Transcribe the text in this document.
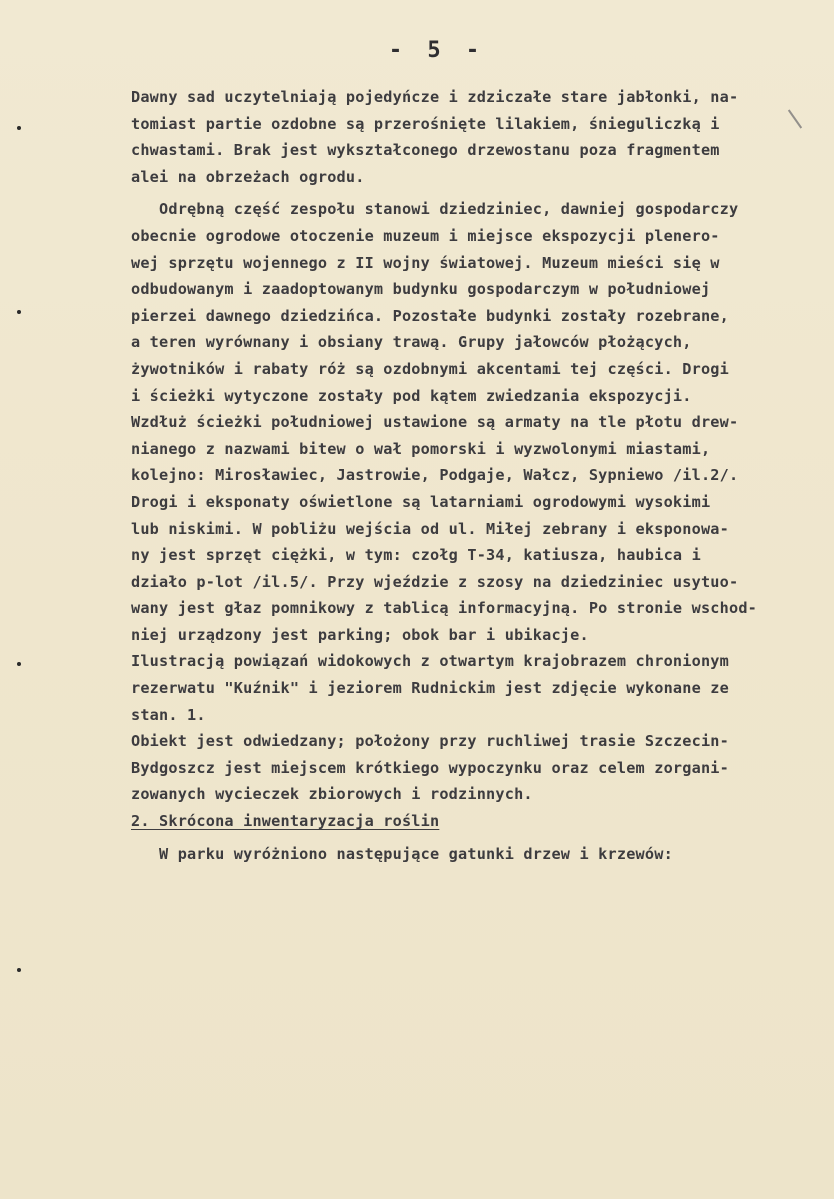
- 5 -
Dawny sad uczytelniają pojedyńcze i zdziczałe stare jabłonki, na-
tomiast partie ozdobne są przerośnięte lilakiem, śnieguliczką i
chwastami. Brak jest wykształconego drzewostanu poza fragmentem
alei na obrzeżach ogrodu.
Odrębną część zespołu stanowi dziedziniec, dawniej gospodarczy
obecnie ogrodowe otoczenie muzeum i miejsce ekspozycji plenero-
wej sprzętu wojennego z II wojny światowej. Muzeum mieści się w
odbudowanym i zaadoptowanym budynku gospodarczym w południowej
pierzei dawnego dziedzińca. Pozostałe budynki zostały rozebrane,
a teren wyrównany i obsiany trawą. Grupy jałowców płożących,
żywotników i rabaty róż są ozdobnymi akcentami tej części. Drogi
i ścieżki wytyczone zostały pod kątem zwiedzania ekspozycji.
Wzdłuż ścieżki południowej ustawione są armaty na tle płotu drew-
nianego z nazwami bitew o wał pomorski i wyzwolonymi miastami,
kolejno: Mirosławiec, Jastrowie, Podgaje, Wałcz, Sypniewo /il.2/.
Drogi i eksponaty oświetlone są latarniami ogrodowymi wysokimi
lub niskimi. W pobliżu wejścia od ul. Miłej zebrany i eksponowa-
ny jest sprzęt ciężki, w tym: czołg T-34, katiusza, haubica i
działo p-lot /il.5/. Przy wjeździe z szosy na dziedziniec usytuo-
wany jest głaz pomnikowy z tablicą informacyjną. Po stronie wschod-
niej urządzony jest parking; obok bar i ubikacje.
Ilustracją powiązań widokowych z otwartym krajobrazem chronionym
rezerwatu "Kuźnik" i jeziorem Rudnickim jest zdjęcie wykonane ze
stan. 1.
Obiekt jest odwiedzany; położony przy ruchliwej trasie Szczecin-
Bydgoszcz jest miejscem krótkiego wypoczynku oraz celem zorgani-
zowanych wycieczek zbiorowych i rodzinnych.
2. Skrócona inwentaryzacja roślin
W parku wyróżniono następujące gatunki drzew i krzewów:
